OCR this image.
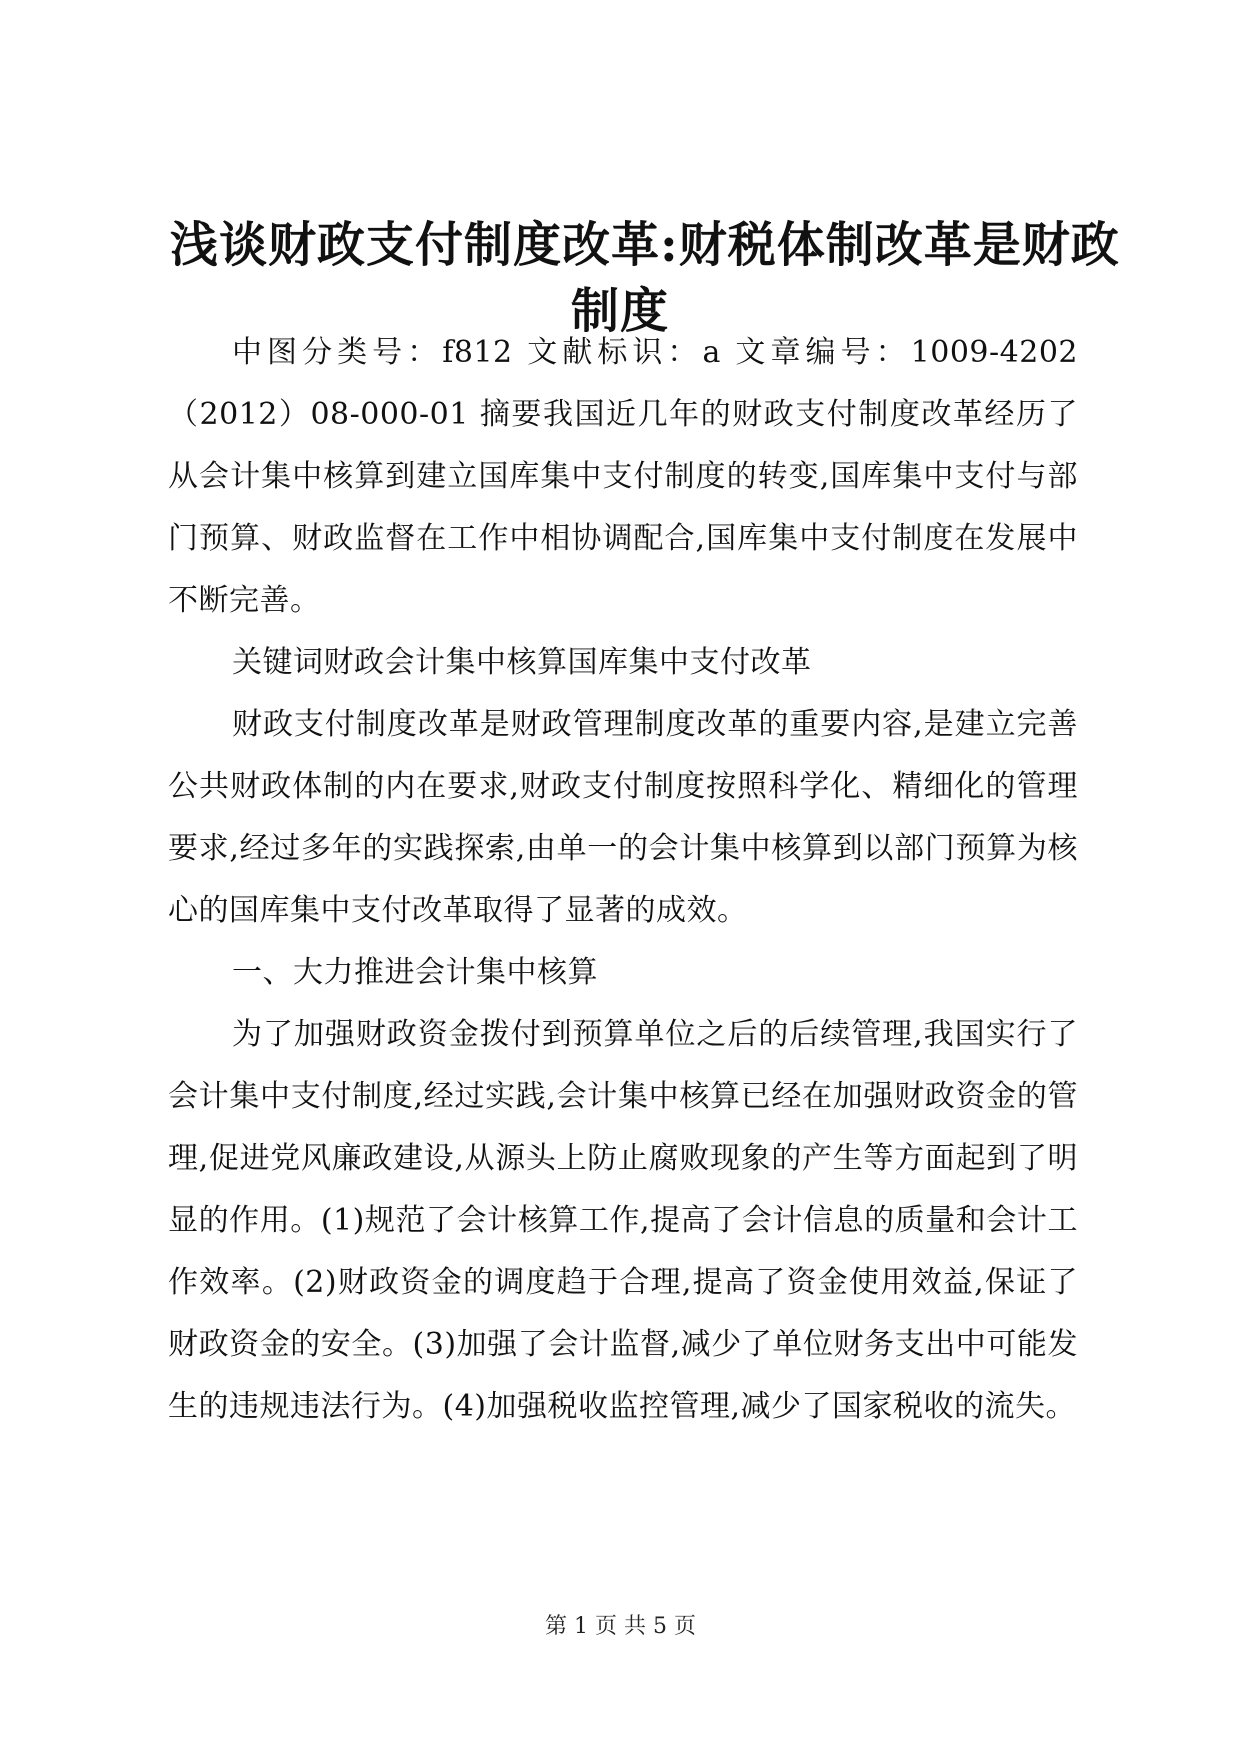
浅谈财政支付制度改革:财税体制改革是财政
制度

中图分类号：f812 文献标识：a 文章编号：1009-4202（2012）08-000-01 摘要我国近几年的财政支付制度改革经历了从会计集中核算到建立国库集中支付制度的转变,国库集中支付与部门预算、财政监督在工作中相协调配合,国库集中支付制度在发展中不断完善。

关键词财政会计集中核算国库集中支付改革

财政支付制度改革是财政管理制度改革的重要内容,是建立完善公共财政体制的内在要求,财政支付制度按照科学化、精细化的管理要求,经过多年的实践探索,由单一的会计集中核算到以部门预算为核心的国库集中支付改革取得了显著的成效。

一、大力推进会计集中核算

为了加强财政资金拨付到预算单位之后的后续管理,我国实行了会计集中支付制度,经过实践,会计集中核算已经在加强财政资金的管理,促进党风廉政建设,从源头上防止腐败现象的产生等方面起到了明显的作用。(1)规范了会计核算工作,提高了会计信息的质量和会计工作效率。(2)财政资金的调度趋于合理,提高了资金使用效益,保证了财政资金的安全。(3)加强了会计监督,减少了单位财务支出中可能发生的违规违法行为。(4)加强税收监控管理,减少了国家税收的流失。

第 1 页 共 5 页
